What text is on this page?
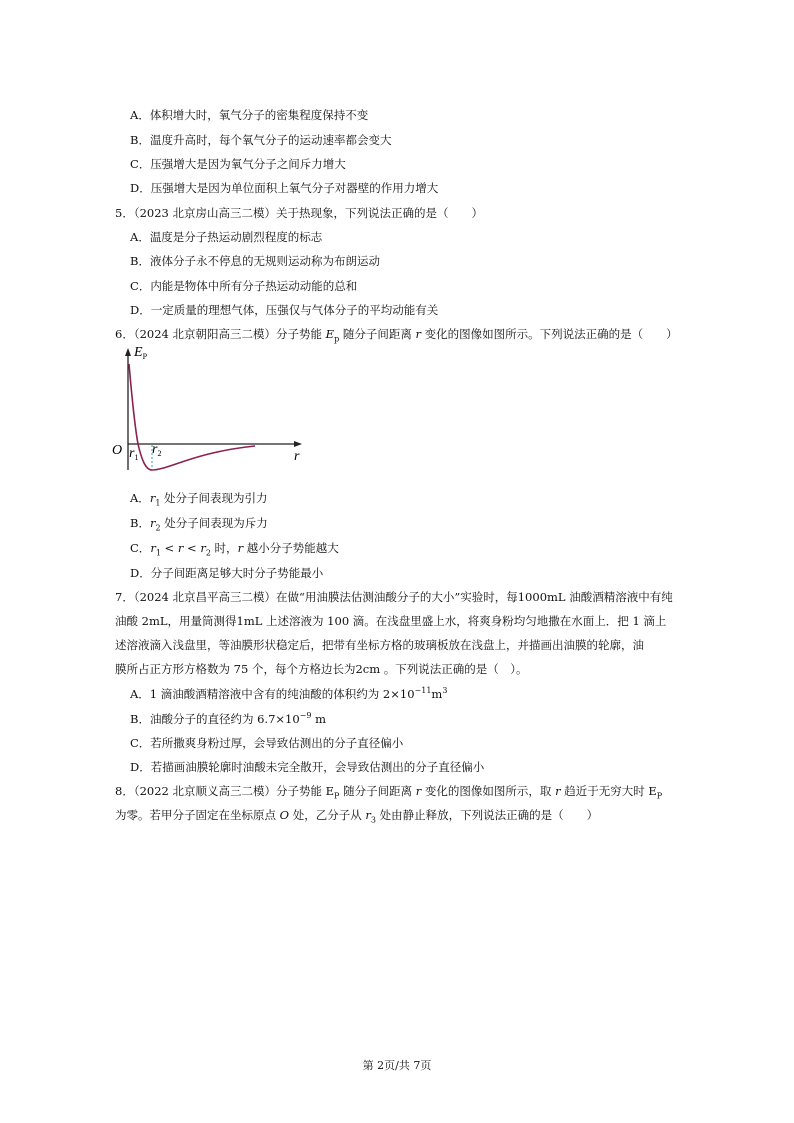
A．体积增大时，氧气分子的密集程度保持不变
B．温度升高时，每个氧气分子的运动速率都会变大
C．压强增大是因为氧气分子之间斥力增大
D．压强增大是因为单位面积上氧气分子对器壁的作用力增大
5．（2023 北京房山高三二模）关于热现象，下列说法正确的是（　　）
A．温度是分子热运动剧烈程度的标志
B．液体分子永不停息的无规则运动称为布朗运动
C．内能是物体中所有分子热运动动能的总和
D．一定质量的理想气体，压强仅与气体分子的平均动能有关
6．（2024 北京朝阳高三二模）分子势能 $E_p$ 随分子间距离 r 变化的图像如图所示。下列说法正确的是（　　）
$E_P$
O $r_1$
$r_2$	r
A．$r_1$ 处分子间表现为引力
B．$r_2$ 处分子间表现为斥力
C．$r_1 < r < r_2$ 时，r 越小分子势能越大
D．分子间距离足够大时分子势能最小
7．（2024 北京昌平高三二模）在做“用油膜法估测油酸分子的大小”实验时，每1000mL 油酸酒精溶液中有纯
油酸 2mL，用量筒测得1mL 上述溶液为 100 滴。在浅盘里盛上水，将爽身粉均匀地撒在水面上．把 1 滴上
述溶液滴入浅盘里，等油膜形状稳定后，把带有坐标方格的玻璃板放在浅盘上，并描画出油膜的轮廓，油
膜所占正方形方格数为 75 个，每个方格边长为2cm 。下列说法正确的是（　）。
A．1 滴油酸酒精溶液中含有的纯油酸的体积约为 $2\times 10^{-11}m^3$
B．油酸分子的直径约为 $6.7\times 10^{-9}$ m
C．若所撒爽身粉过厚，会导致估测出的分子直径偏小
D．若描画油膜轮廓时油酸未完全散开，会导致估测出的分子直径偏小
8．（2022 北京顺义高三二模）分子势能 $E_P$ 随分子间距离 r 变化的图像如图所示，取 r 趋近于无穷大时 $E_P$
为零。若甲分子固定在坐标原点 O 处，乙分子从 $r_3$ 处由静止释放，下列说法正确的是（　　）
第 2页/共 7页
